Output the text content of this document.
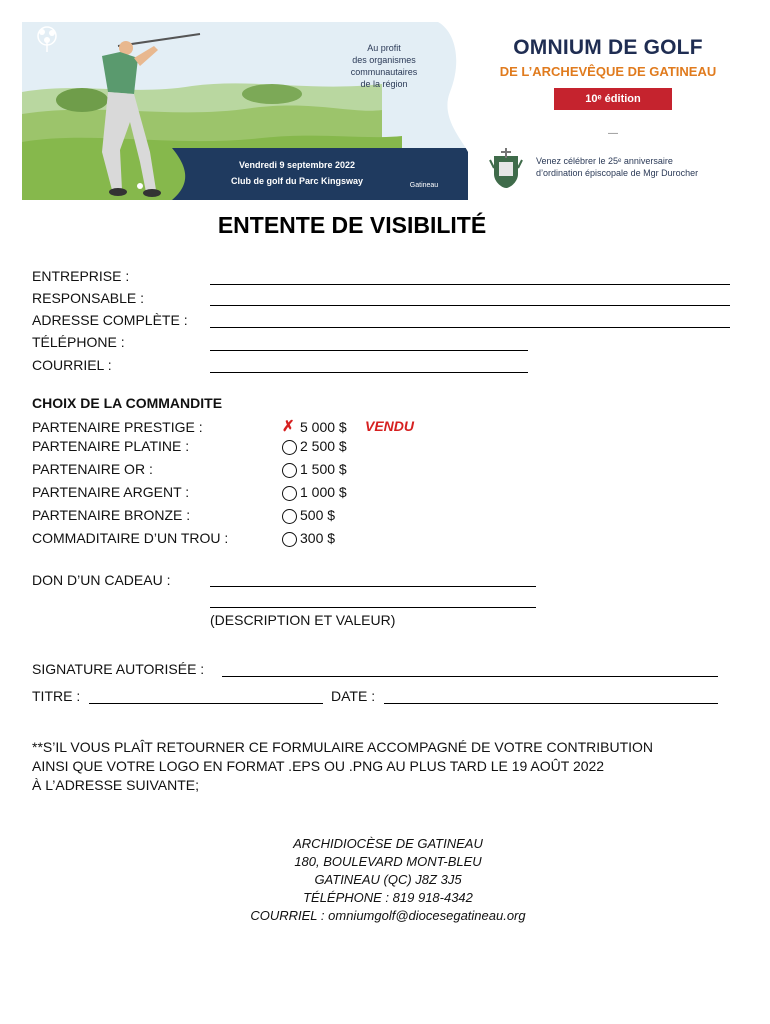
Au profit
des organismes
communautaires
de la région
Vendredi 9 septembre 2022
Club de golf du Parc Kingsway	Gatineau
OMNIUM DE GOLF
DE L’ARCHEVÊQUE DE GATINEAU
10ᵉ édition
—
Venez célébrer le 25ᵉ anniversaire
d’ordination épiscopale de Mgr Durocher
ENTENTE DE VISIBILITÉ
ENTREPRISE :
RESPONSABLE :
ADRESSE COMPLÈTE :
TÉLÉPHONE :
COURRIEL :
CHOIX DE LA COMMANDITE
PARTENAIRE PRESTIGE :	✗ 5 000 $ VENDU
PARTENAIRE PLATINE :	2 500 $
PARTENAIRE OR :	1 500 $
PARTENAIRE ARGENT :	1 000 $
PARTENAIRE BRONZE :	500 $
COMMADITAIRE D’UN TROU :	300 $
DON D’UN CADEAU :
(DESCRIPTION ET VALEUR)
SIGNATURE AUTORISÉE :
TITRE :	DATE :
**S’IL VOUS PLAÎT RETOURNER CE FORMULAIRE ACCOMPAGNÉ DE VOTRE CONTRIBUTION
AINSI QUE VOTRE LOGO EN FORMAT .EPS OU .PNG AU PLUS TARD LE 19 AOÛT 2022
À L’ADRESSE SUIVANTE;
ARCHIDIOCÈSE DE GATINEAU
180, BOULEVARD MONT-BLEU
GATINEAU (QC) J8Z 3J5
TÉLÉPHONE : 819 918-4342
COURRIEL : omniumgolf@diocesegatineau.org
